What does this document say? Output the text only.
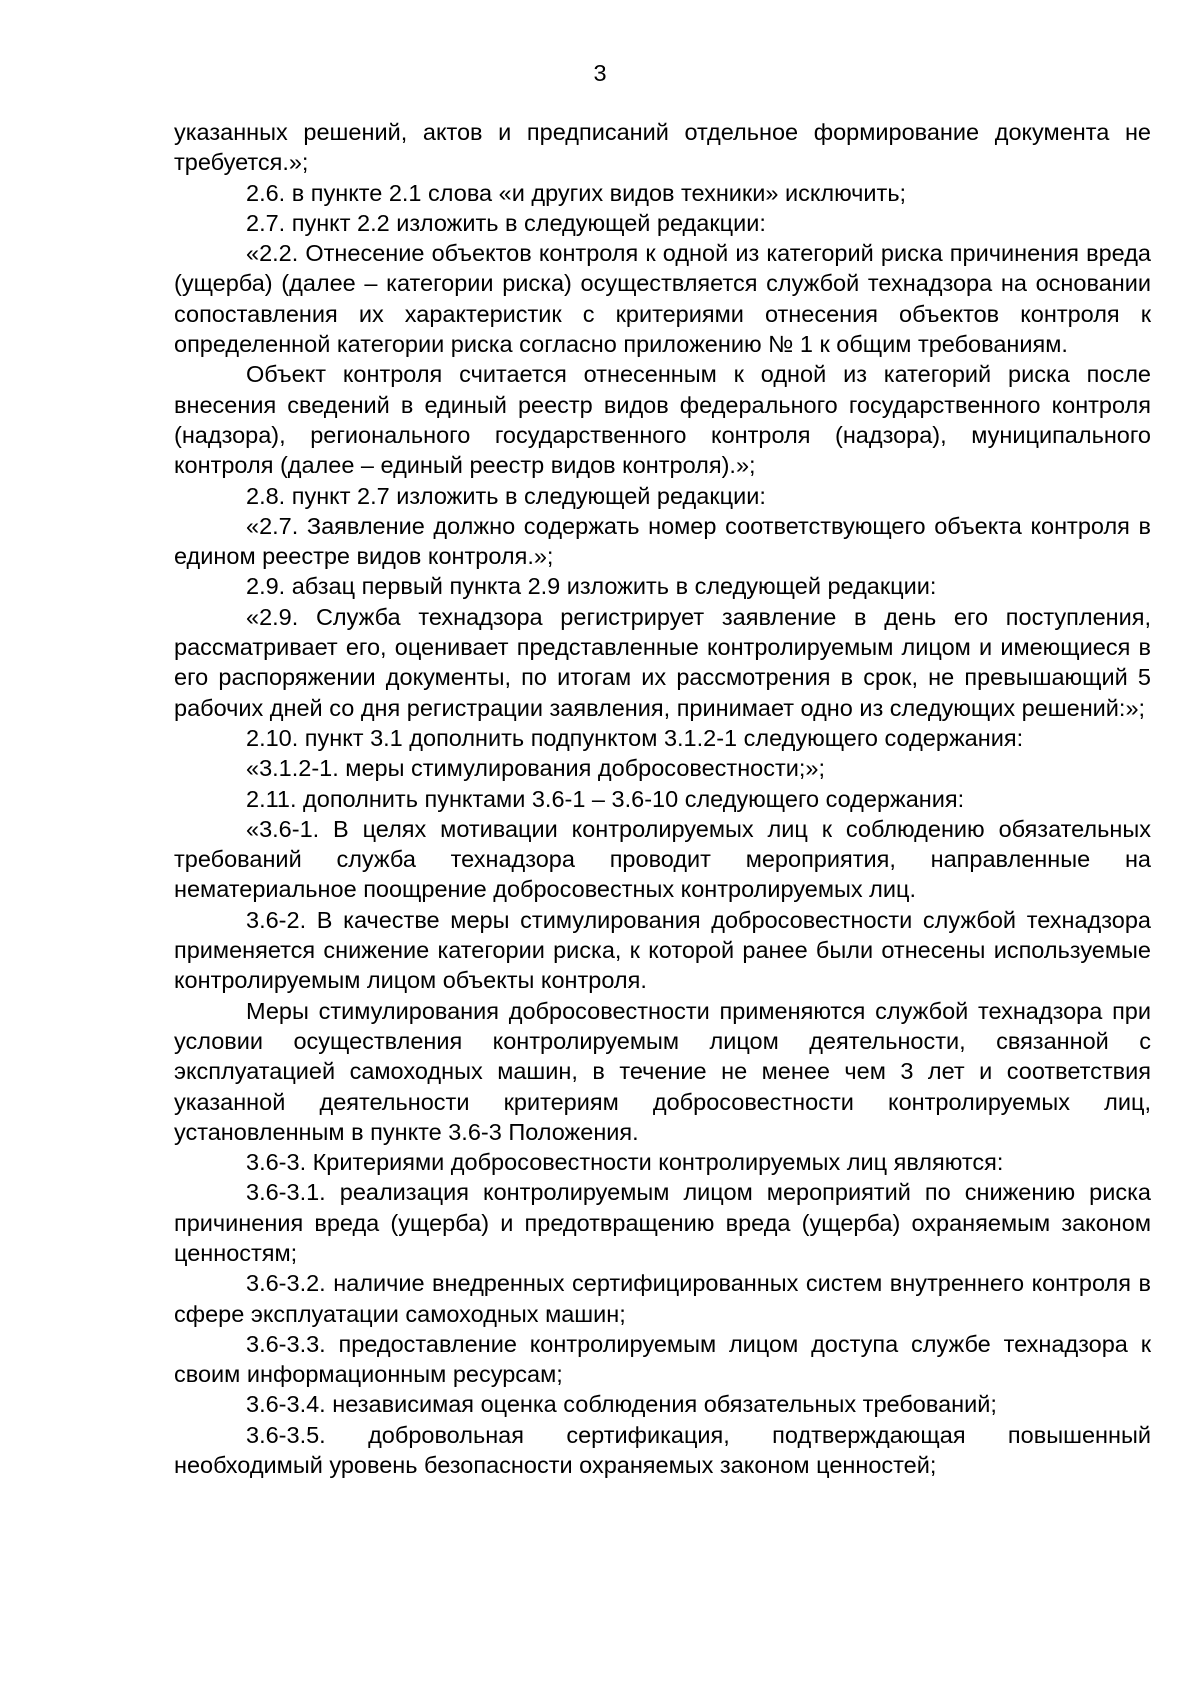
3

указанных решений, актов и предписаний отдельное формирование документа не требуется.»;

2.6. в пункте 2.1 слова «и других видов техники» исключить;

2.7. пункт 2.2 изложить в следующей редакции:

«2.2. Отнесение объектов контроля к одной из категорий риска причинения вреда (ущерба) (далее – категории риска) осуществляется службой технадзора на основании сопоставления их характеристик с критериями отнесения объектов контроля к определенной категории риска согласно приложению № 1 к общим требованиям.

Объект контроля считается отнесенным к одной из категорий риска после внесения сведений в единый реестр видов федерального государственного контроля (надзора), регионального государственного контроля (надзора), муниципального контроля (далее – единый реестр видов контроля).»;

2.8. пункт 2.7 изложить в следующей редакции:

«2.7. Заявление должно содержать номер соответствующего объекта контроля в едином реестре видов контроля.»;

2.9. абзац первый пункта 2.9 изложить в следующей редакции:

«2.9. Служба технадзора регистрирует заявление в день его поступления, рассматривает его, оценивает представленные контролируемым лицом и имеющиеся в его распоряжении документы, по итогам их рассмотрения в срок, не превышающий 5 рабочих дней со дня регистрации заявления, принимает одно из следующих решений:»;

2.10. пункт 3.1 дополнить подпунктом 3.1.2-1 следующего содержания:

«3.1.2-1. меры стимулирования добросовестности;»;

2.11. дополнить пунктами 3.6-1 – 3.6-10 следующего содержания:

«3.6-1. В целях мотивации контролируемых лиц к соблюдению обязательных требований служба технадзора проводит мероприятия, направленные на нематериальное поощрение добросовестных контролируемых лиц.

3.6-2. В качестве меры стимулирования добросовестности службой технадзора применяется снижение категории риска, к которой ранее были отнесены используемые контролируемым лицом объекты контроля.

Меры стимулирования добросовестности применяются службой технадзора при условии осуществления контролируемым лицом деятельности, связанной с эксплуатацией самоходных машин, в течение не менее чем 3 лет и соответствия указанной деятельности критериям добросовестности контролируемых лиц, установленным в пункте 3.6-3 Положения.

3.6-3. Критериями добросовестности контролируемых лиц являются:

3.6-3.1. реализация контролируемым лицом мероприятий по снижению риска причинения вреда (ущерба) и предотвращению вреда (ущерба) охраняемым законом ценностям;

3.6-3.2. наличие внедренных сертифицированных систем внутреннего контроля в сфере эксплуатации самоходных машин;

3.6-3.3. предоставление контролируемым лицом доступа службе технадзора к своим информационным ресурсам;

3.6-3.4. независимая оценка соблюдения обязательных требований;

3.6-3.5. добровольная сертификация, подтверждающая повышенный необходимый уровень безопасности охраняемых законом ценностей;
